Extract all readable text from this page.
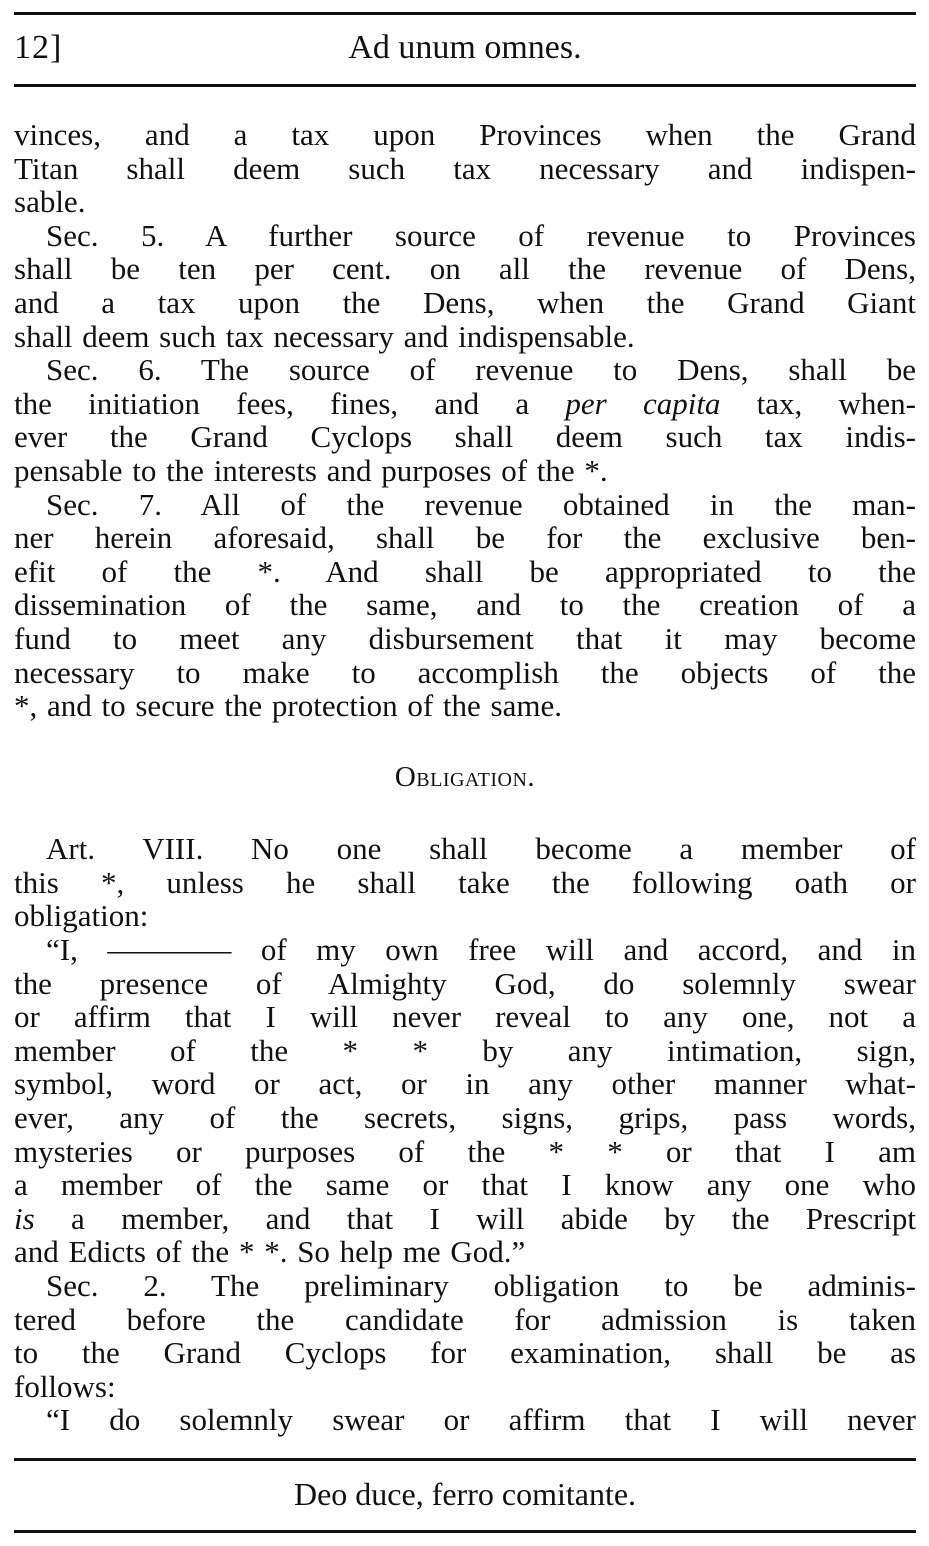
12]	Ad unum omnes.

vinces, and a tax upon Provinces when the Grand

Titan shall deem such tax necessary and indispen-

sable.

Sec. 5. A further source of revenue to Provinces

shall be ten per cent. on all the revenue of Dens,

and a tax upon the Dens, when the Grand Giant

shall deem such tax necessary and indispensable.

Sec. 6. The source of revenue to Dens, shall be

the initiation fees, fines, and a per capita tax, when-

ever the Grand Cyclops shall deem such tax indis-

pensable to the interests and purposes of the *.

Sec. 7. All of the revenue obtained in the man-

ner herein aforesaid, shall be for the exclusive ben-

efit of the *. And shall be appropriated to the

dissemination of the same, and to the creation of a

fund to meet any disbursement that it may become

necessary to make to accomplish the objects of the

*, and to secure the protection of the same.

Obligation.

Art. VIII. No one shall become a member of

this *, unless he shall take the following oath or

obligation:

“I, ———— of my own free will and accord, and in

the presence of Almighty God, do solemnly swear

or affirm that I will never reveal to any one, not a

member of the * * by any intimation, sign,

symbol, word or act, or in any other manner what-

ever, any of the secrets, signs, grips, pass words,

mysteries or purposes of the * * or that I am

a member of the same or that I know any one who

is a member, and that I will abide by the Prescript

and Edicts of the * *. So help me God.”

Sec. 2. The preliminary obligation to be adminis-

tered before the candidate for admission is taken

to the Grand Cyclops for examination, shall be as

follows:

“I do solemnly swear or affirm that I will never

Deo duce, ferro comitante.
